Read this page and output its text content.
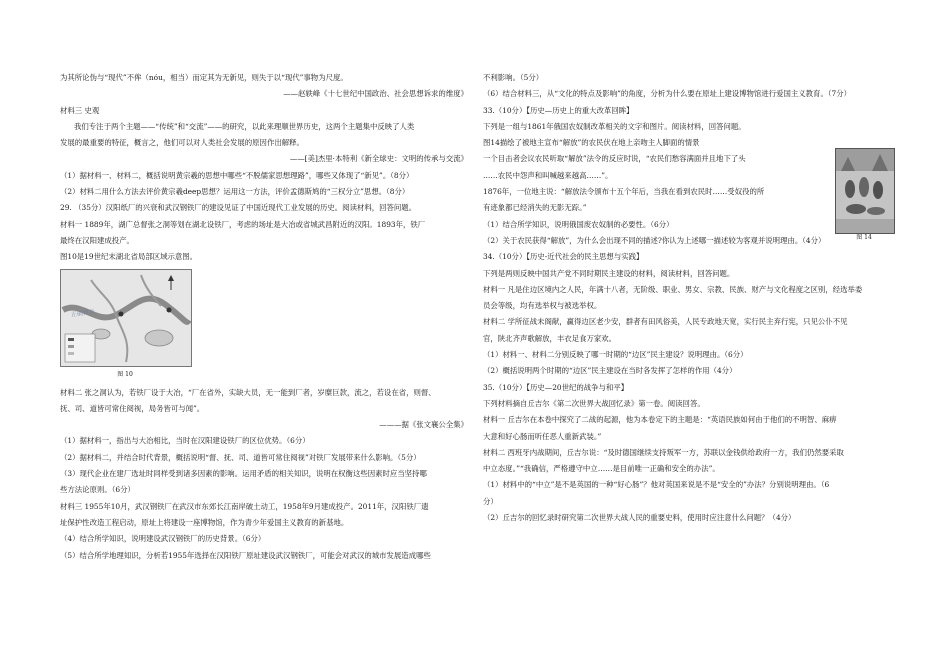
为其所论伪与“现代”不侔（nóu，相当）而定其为无新见，则失于以“现代”事物为尺度。

——赵轶峰《十七世纪中国政治、社会思想诉求的维度》

材料三 史观

我们专注于两个主题——“传统”和“交流”——的研究，以此来理顺世界历史，这两个主题集中反映了人类

发展的最重要的特征，概言之，他们可以对人类社会发展的原因作出解释。

——[美]杰里·本特利《新全球史：文明的传承与交流》

（1）据材料一、材料二，概括说明黄宗羲的思想中哪些“不脱儒家思想理路”，哪些又体现了“新见”。（8分）

（2）材料二用什么方法去评价黄宗羲deep思想？运用这一方法，评价孟德斯鸠的“三权分立”思想。（8分）

29. （35分）汉阳纸厂的兴衰和武汉钢铁厂的建设见证了中国近现代工业发展的历史。阅读材料，回答问题。

材料一 1889年，湖广总督张之洞等划在湖北设铁厂，考虑的场址是大冶或省城武昌附近的汉阳。1893年，铁厂

最终在汉阳建成投产。

图10是19世纪末湖北省局部区域示意图。

正确教育
图 10

材料二 张之洞认为，若铁厂设于大冶，“厂在省外，实缺大员，无一能到厂者，岁糜巨款，流之，若设在省，则督、

抚、司、道皆可常住阅视，局务皆可与闻”。

———据《张文襄公全集》

（1）据材料一，指出与大冶相比，当时在汉阳建设铁厂的区位优势。（6分）

（2）据材料二，并结合时代背景，概括说明“督、抚、司、道皆可常住阅视”对铁厂发展带来什么影响。（5分）

（3）现代企业在建厂选址时同样受到诸多因素的影响。运用矛盾的相关知识，说明在权衡这些因素时应当坚持哪

些方法论原则。（6分）

材料三 1955年10月，武汉钢铁厂在武汉市东郊长江南岸破土动工，1958年9月建成投产。2011年，汉阳铁厂遗

址保护性改造工程启动，原址上将建设一座博物馆，作为青少年爱国主义教育的新基地。

（4）结合所学知识，说明建设武汉钢铁厂的历史背景。（6分）

（5）结合所学地理知识，分析若1955年选择在汉阳铁厂原址建设武汉钢铁厂，可能会对武汉的城市发展造成哪些

不利影响。（5分）

（6）结合材料三，从“文化的特点及影响”的角度，分析为什么要在原址上建设博物馆进行爱国主义教育。（7分）

33.（10分）【历史—历史上的重大改革回眸】

下列是一组与1861年俄国农奴制改革相关的文字和图片。阅读材料，回答问题。

图14描绘了被地主宣布“解放”的农民伏在地上亲吻主人脚面的情景

一个目击者会议农民听取“解放”法令的反应时说，“农民们愁容满面并且地下了头

……农民中怨声和叫喊越来越高……”。

1876年，一位地主说：“解放法令颁布十五个年后，当我在看到农民时……受奴役的所

有迹象都已经消失的无影无踪。”

（1）结合所学知识，说明俄国废农奴制的必要性。（6分）

（2）关于农民获得“解放”，为什么会出现不同的描述?你认为上述哪一描述较为客观并说明理由。（4分）

34.（10分）【历史-近代社会的民主思想与实践】

下列是两则反映中国共产党不同时期民主建设的材料，阅读材料，回答问题。

材料一 凡是住边区境内之人民，年满十八者，无阶级、职业、男女、宗教、民族、财产与文化程度之区别，经选举委

员会等级，均有选举权与被选举权。

材料二 学所征战未阁献，赢得边区老少安，群者有田风俗美，人民专政地天宽，实行民主弃行宪，只见公仆不见

官，陕北齐声歌解放，丰衣足食万家欢。

（1）材料一、材料二分别反映了哪一时期的“边区”民主建设？说明理由。（6分）

（2）概括说明两个时期的“边区”民主建设在当时各发挥了怎样的作用（4分）

35.（10分）【历史—20世纪的战争与和平】

下列材料摘自丘吉尔《第二次世界大战回忆录》第一卷。阅读回答。

材料一 丘吉尔在本卷中探究了二战的起源，他为本卷定下的主题是：“英语民族如何由于他们的不明智、麻痹

大意和好心肠而听任恶人重新武装。”

材料二 西班牙内战期间，丘吉尔说：“及时德国继续支持叛军一方，苏联以金钱供给政府一方，我们仍然要采取

中立态度。”“我确信，严格遵守中立……是目前唯一正确和安全的办法”。

（1）材料中的“中立”是不是英国的一种“好心肠”？他对英国来说是不是“安全的”办法？分别说明理由。（6

分）

（2）丘吉尔的回忆录时研究第二次世界大战人民的重要史料，使用时应注意什么问题？（4分）

图 14
